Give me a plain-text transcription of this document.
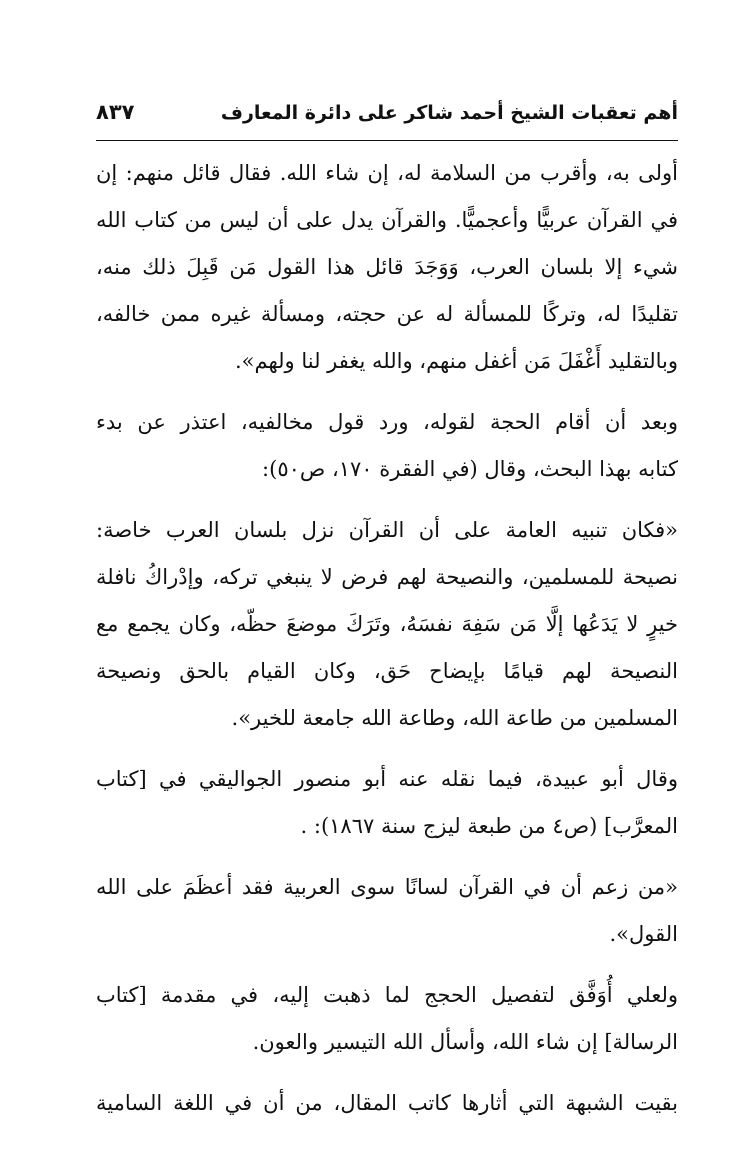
أهم تعقبات الشيخ أحمد شاكر على دائرة المعارف
٨٣٧
أولى به، وأقرب من السلامة له، إن شاء الله. فقال قائل منهم: إن
في القرآن عربيًّا وأعجميًّا. والقرآن يدل على أن ليس من كتاب الله
شيء إلا بلسان العرب، وَوَجَدَ قائل هذا القول مَن قَبِلَ ذلك منه،
تقليدًا له، وتركًا للمسألة له عن حجته، ومسألة غيره ممن خالفه،
وبالتقليد أَغْفَلَ مَن أغفل منهم، والله يغفر لنا ولهم».
وبعد أن أقام الحجة لقوله، ورد قول مخالفيه، اعتذر عن بدء
كتابه بهذا البحث، وقال (في الفقرة ١٧٠، ص٥٠):
«فكان تنبيه العامة على أن القرآن نزل بلسان العرب خاصة:
نصيحة للمسلمين، والنصيحة لهم فرض لا ينبغي تركه، وإدْراكُ نافلة
خيرٍ لا يَدَعُها إلَّا مَن سَفِهَ نفسَهُ، وتَرَكَ موضعَ حظّه، وكان يجمع مع
النصيحة لهم قيامًا بإيضاح حَق، وكان القيام بالحق ونصيحة
المسلمين من طاعة الله، وطاعة الله جامعة للخير».
وقال أبو عبيدة، فيما نقله عنه أبو منصور الجواليقي في [كتاب
المعرَّب] (ص٤ من طبعة ليزج سنة ١٨٦٧): .
«من زعم أن في القرآن لسانًا سوى العربية فقد أعظَمَ على الله
القول».
ولعلي أُوَفَّق لتفصيل الحجج لما ذهبت إليه، في مقدمة [كتاب
الرسالة] إن شاء الله، وأسأل الله التيسير والعون.
بقيت الشبهة التي أثارها كاتب المقال، من أن في اللغة السامية
